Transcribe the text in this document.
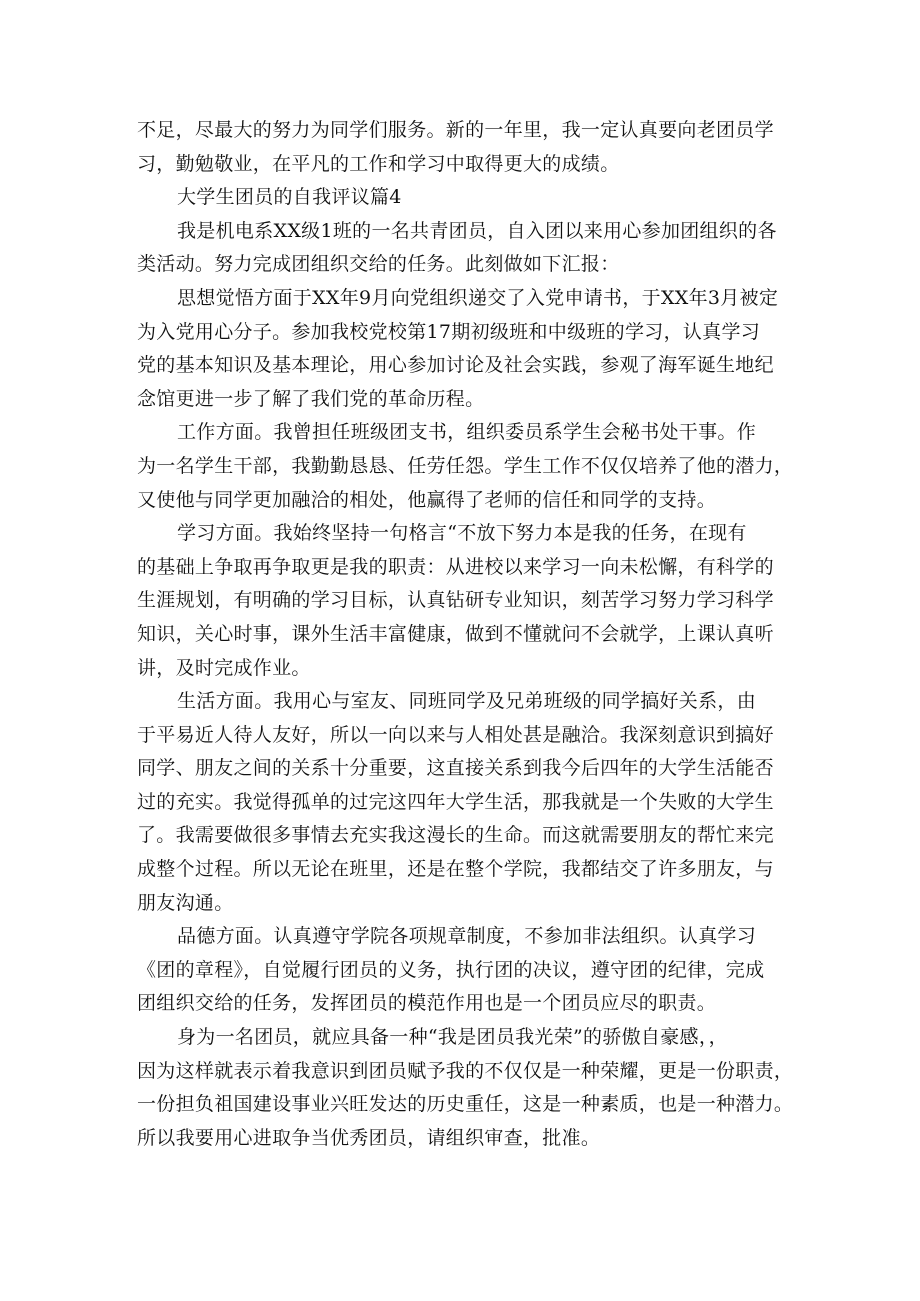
不足，尽最大的努力为同学们服务。新的一年里，我一定认真要向老团员学
习，勤勉敬业，在平凡的工作和学习中取得更大的成绩。
大学生团员的自我评议篇4
我是机电系XX级1班的一名共青团员，自入团以来用心参加团组织的各
类活动。努力完成团组织交给的任务。此刻做如下汇报：
思想觉悟方面于XX年9月向党组织递交了入党申请书，于XX年3月被定
为入党用心分子。参加我校党校第17期初级班和中级班的学习，认真学习
党的基本知识及基本理论，用心参加讨论及社会实践，参观了海军诞生地纪
念馆更进一步了解了我们党的革命历程。
工作方面。我曾担任班级团支书，组织委员系学生会秘书处干事。作
为一名学生干部，我勤勤恳恳、任劳任怨。学生工作不仅仅培养了他的潜力，
又使他与同学更加融洽的相处，他赢得了老师的信任和同学的支持。
学习方面。我始终坚持一句格言“不放下努力本是我的任务，在现有
的基础上争取再争取更是我的职责：从进校以来学习一向未松懈，有科学的
生涯规划，有明确的学习目标，认真钻研专业知识，刻苦学习努力学习科学
知识，关心时事，课外生活丰富健康，做到不懂就问不会就学，上课认真听
讲，及时完成作业。
生活方面。我用心与室友、同班同学及兄弟班级的同学搞好关系，由
于平易近人待人友好，所以一向以来与人相处甚是融洽。我深刻意识到搞好
同学、朋友之间的关系十分重要，这直接关系到我今后四年的大学生活能否
过的充实。我觉得孤单的过完这四年大学生活，那我就是一个失败的大学生
了。我需要做很多事情去充实我这漫长的生命。而这就需要朋友的帮忙来完
成整个过程。所以无论在班里，还是在整个学院，我都结交了许多朋友，与
朋友沟通。
品德方面。认真遵守学院各项规章制度，不参加非法组织。认真学习
《团的章程》，自觉履行团员的义务，执行团的决议，遵守团的纪律，完成
团组织交给的任务，发挥团员的模范作用也是一个团员应尽的职责。
身为一名团员，就应具备一种“我是团员我光荣”的骄傲自豪感，，
因为这样就表示着我意识到团员赋予我的不仅仅是一种荣耀，更是一份职责，
一份担负祖国建设事业兴旺发达的历史重任，这是一种素质，也是一种潜力。
所以我要用心进取争当优秀团员，请组织审查，批准。
